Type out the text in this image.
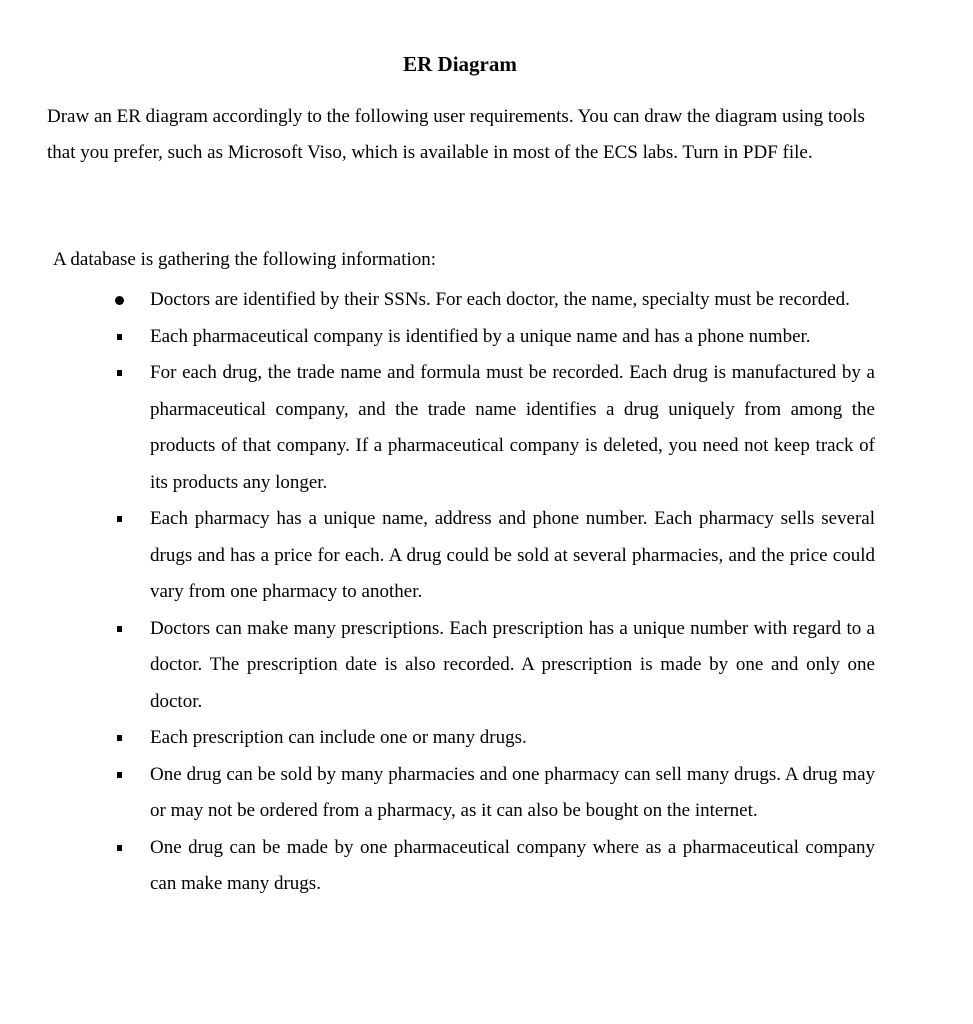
ER Diagram

Draw an ER diagram accordingly to the following user requirements. You can draw the diagram using tools that you prefer, such as Microsoft Viso, which is available in most of the ECS labs. Turn in PDF file.

A database is gathering the following information:

Doctors are identified by their SSNs. For each doctor, the name, specialty must be recorded.
Each pharmaceutical company is identified by a unique name and has a phone number.
For each drug, the trade name and formula must be recorded. Each drug is manufactured by a pharmaceutical company, and the trade name identifies a drug uniquely from among the products of that company. If a pharmaceutical company is deleted, you need not keep track of its products any longer.
Each pharmacy has a unique name, address and phone number. Each pharmacy sells several drugs and has a price for each. A drug could be sold at several pharmacies, and the price could vary from one pharmacy to another.
Doctors can make many prescriptions. Each prescription has a unique number with regard to a doctor. The prescription date is also recorded. A prescription is made by one and only one doctor.
Each prescription can include one or many drugs.
One drug can be sold by many pharmacies and one pharmacy can sell many drugs. A drug may or may not be ordered from a pharmacy, as it can also be bought on the internet.
One drug can be made by one pharmaceutical company where as a pharmaceutical company can make many drugs.
